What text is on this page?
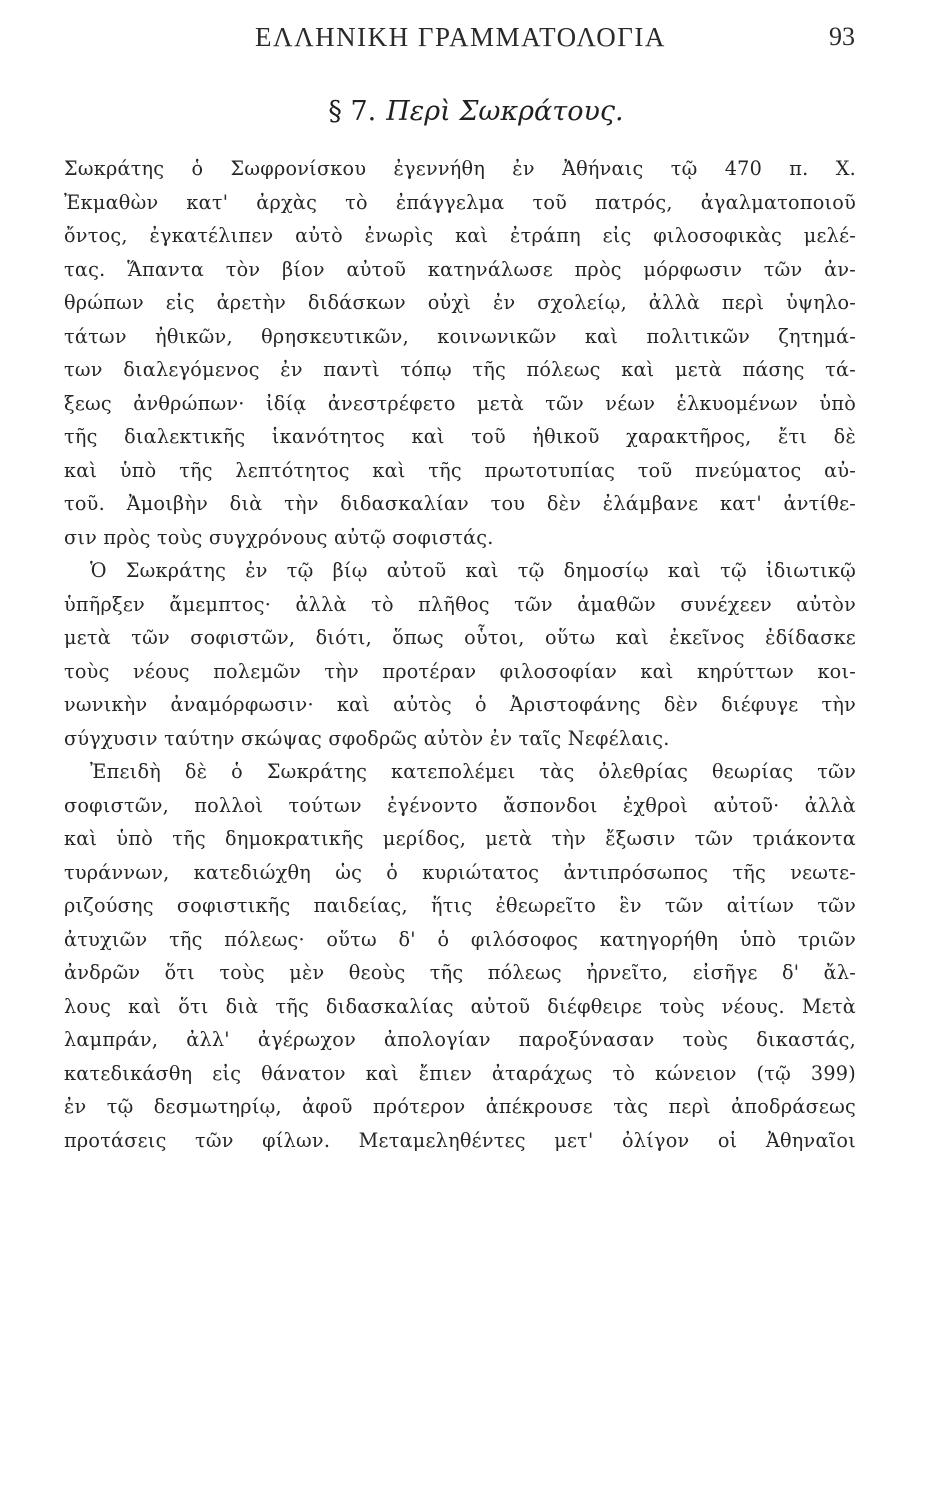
ΕΛΛΗΝΙΚΗ ΓΡΑΜΜΑΤΟΛΟΓΙΑ	93
§ 7. Περὶ Σωκράτους.
Σωκράτης ὁ Σωφρονίσκου ἐγεννήθη ἐν Ἀθήναις τῷ 470 π. Χ.
Ἐκμαθὼν κατ' ἀρχὰς τὸ ἐπάγγελμα τοῦ πατρός, ἀγαλματοποιοῦ
ὄντος, ἐγκατέλιπεν αὐτὸ ἐνωρὶς καὶ ἐτράπη εἰς φιλοσοφικὰς μελέ-
τας. Ἅπαντα τὸν βίον αὐτοῦ κατηνάλωσε πρὸς μόρφωσιν τῶν ἀν-
θρώπων εἰς ἀρετὴν διδάσκων οὐχὶ ἐν σχολείῳ, ἀλλὰ περὶ ὑψηλο-
τάτων ἠθικῶν, θρησκευτικῶν, κοινωνικῶν καὶ πολιτικῶν ζητημά-
των διαλεγόμενος ἐν παντὶ τόπῳ τῆς πόλεως καὶ μετὰ πάσης τά-
ξεως ἀνθρώπων· ἰδίᾳ ἀνεστρέφετο μετὰ τῶν νέων ἑλκυομένων ὑπὸ
τῆς διαλεκτικῆς ἱκανότητος καὶ τοῦ ἠθικοῦ χαρακτῆρος, ἔτι δὲ
καὶ ὑπὸ τῆς λεπτότητος καὶ τῆς πρωτοτυπίας τοῦ πνεύματος αὐ-
τοῦ. Ἀμοιβὴν διὰ τὴν διδασκαλίαν του δὲν ἐλάμβανε κατ' ἀντίθε-
σιν πρὸς τοὺς συγχρόνους αὐτῷ σοφιστάς.
Ὁ Σωκράτης ἐν τῷ βίῳ αὐτοῦ καὶ τῷ δημοσίῳ καὶ τῷ ἰδιωτικῷ
ὑπῆρξεν ἄμεμπτος· ἀλλὰ τὸ πλῆθος τῶν ἀμαθῶν συνέχεεν αὐτὸν
μετὰ τῶν σοφιστῶν, διότι, ὅπως οὗτοι, οὕτω καὶ ἐκεῖνος ἐδίδασκε
τοὺς νέους πολεμῶν τὴν προτέραν φιλοσοφίαν καὶ κηρύττων κοι-
νωνικὴν ἀναμόρφωσιν· καὶ αὐτὸς ὁ Ἀριστοφάνης δὲν διέφυγε τὴν
σύγχυσιν ταύτην σκώψας σφοδρῶς αὐτὸν ἐν ταῖς Νεφέλαις.
Ἐπειδὴ δὲ ὁ Σωκράτης κατεπολέμει τὰς ὀλεθρίας θεωρίας τῶν
σοφιστῶν, πολλοὶ τούτων ἐγένοντο ἄσπονδοι ἐχθροὶ αὐτοῦ· ἀλλὰ
καὶ ὑπὸ τῆς δημοκρατικῆς μερίδος, μετὰ τὴν ἔξωσιν τῶν τριάκοντα
τυράννων, κατεδιώχθη ὡς ὁ κυριώτατος ἀντιπρόσωπος τῆς νεωτε-
ριζούσης σοφιστικῆς παιδείας, ἥτις ἐθεωρεῖτο ἓν τῶν αἰτίων τῶν
ἀτυχιῶν τῆς πόλεως· οὕτω δ' ὁ φιλόσοφος κατηγορήθη ὑπὸ τριῶν
ἀνδρῶν ὅτι τοὺς μὲν θεοὺς τῆς πόλεως ἠρνεῖτο, εἰσῆγε δ' ἄλ-
λους καὶ ὅτι διὰ τῆς διδασκαλίας αὐτοῦ διέφθειρε τοὺς νέους. Μετὰ
λαμπράν, ἀλλ' ἀγέρωχον ἀπολογίαν παροξύνασαν τοὺς δικαστάς,
κατεδικάσθη εἰς θάνατον καὶ ἔπιεν ἀταράχως τὸ κώνειον (τῷ 399)
ἐν τῷ δεσμωτηρίῳ, ἀφοῦ πρότερον ἀπέκρουσε τὰς περὶ ἀποδράσεως
προτάσεις τῶν φίλων. Μεταμεληθέντες μετ' ὀλίγον οἱ Ἀθηναῖοι
